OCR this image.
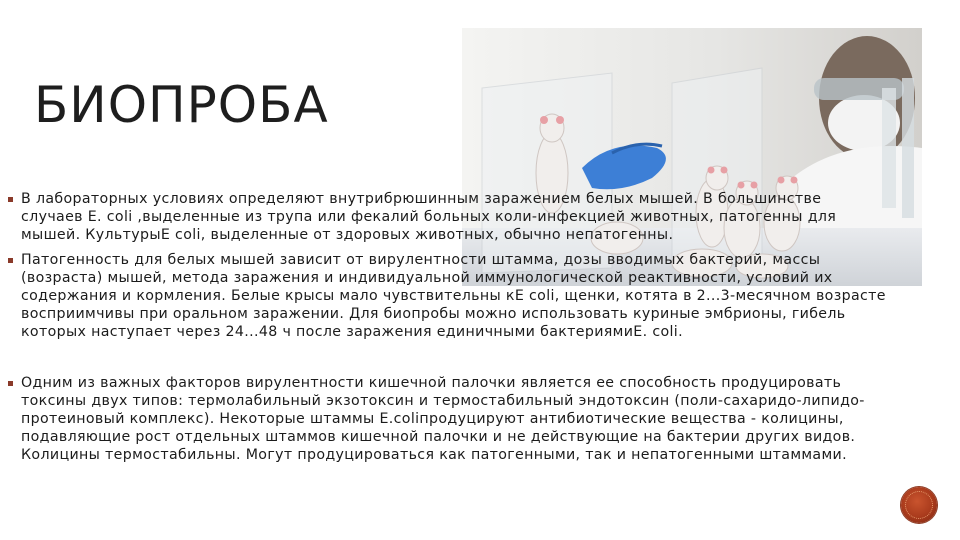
БИОПРОБА
В лабораторных условиях определяют внутрибрюшинным заражением белых мышей. В большинстве случаев Е. coli ,выделенные из трупа или фекалий больных коли-инфекцией животных, патогенны для мышей. КультурыЕ coli, выделенные от здоровых животных, обычно непатогенны.
Патогенность для белых мышей зависит от вирулентности штамма, дозы вводимых бактерий, массы (возраста) мышей, метода заражения и индивидуальной иммунологической реактивности, условий их содержания и кормления. Белые крысы мало чувствительны кЕ coli, щенки, котята в 2...3-месячном возрасте восприимчивы при оральном заражении. Для биопробы можно использовать куриные эмбрионы, гибель которых наступает через 24...48 ч после заражения единичными бактериямиЕ. coli.
Одним из важных факторов вирулентности кишечной палочки является ее способность продуцировать токсины двух типов: термолабильный экзотоксин и термостабильный эндотоксин (поли-сахаридо-липидо-протеиновый комплекс). Некоторые штаммы E.coliпродуцируют антибиотические вещества - колицины, подавляющие рост отдельных штаммов кишечной палочки и не действующие на бактерии других видов. Колицины термостабильны. Могут продуцироваться как патогенными, так и непатогенными штаммами.
